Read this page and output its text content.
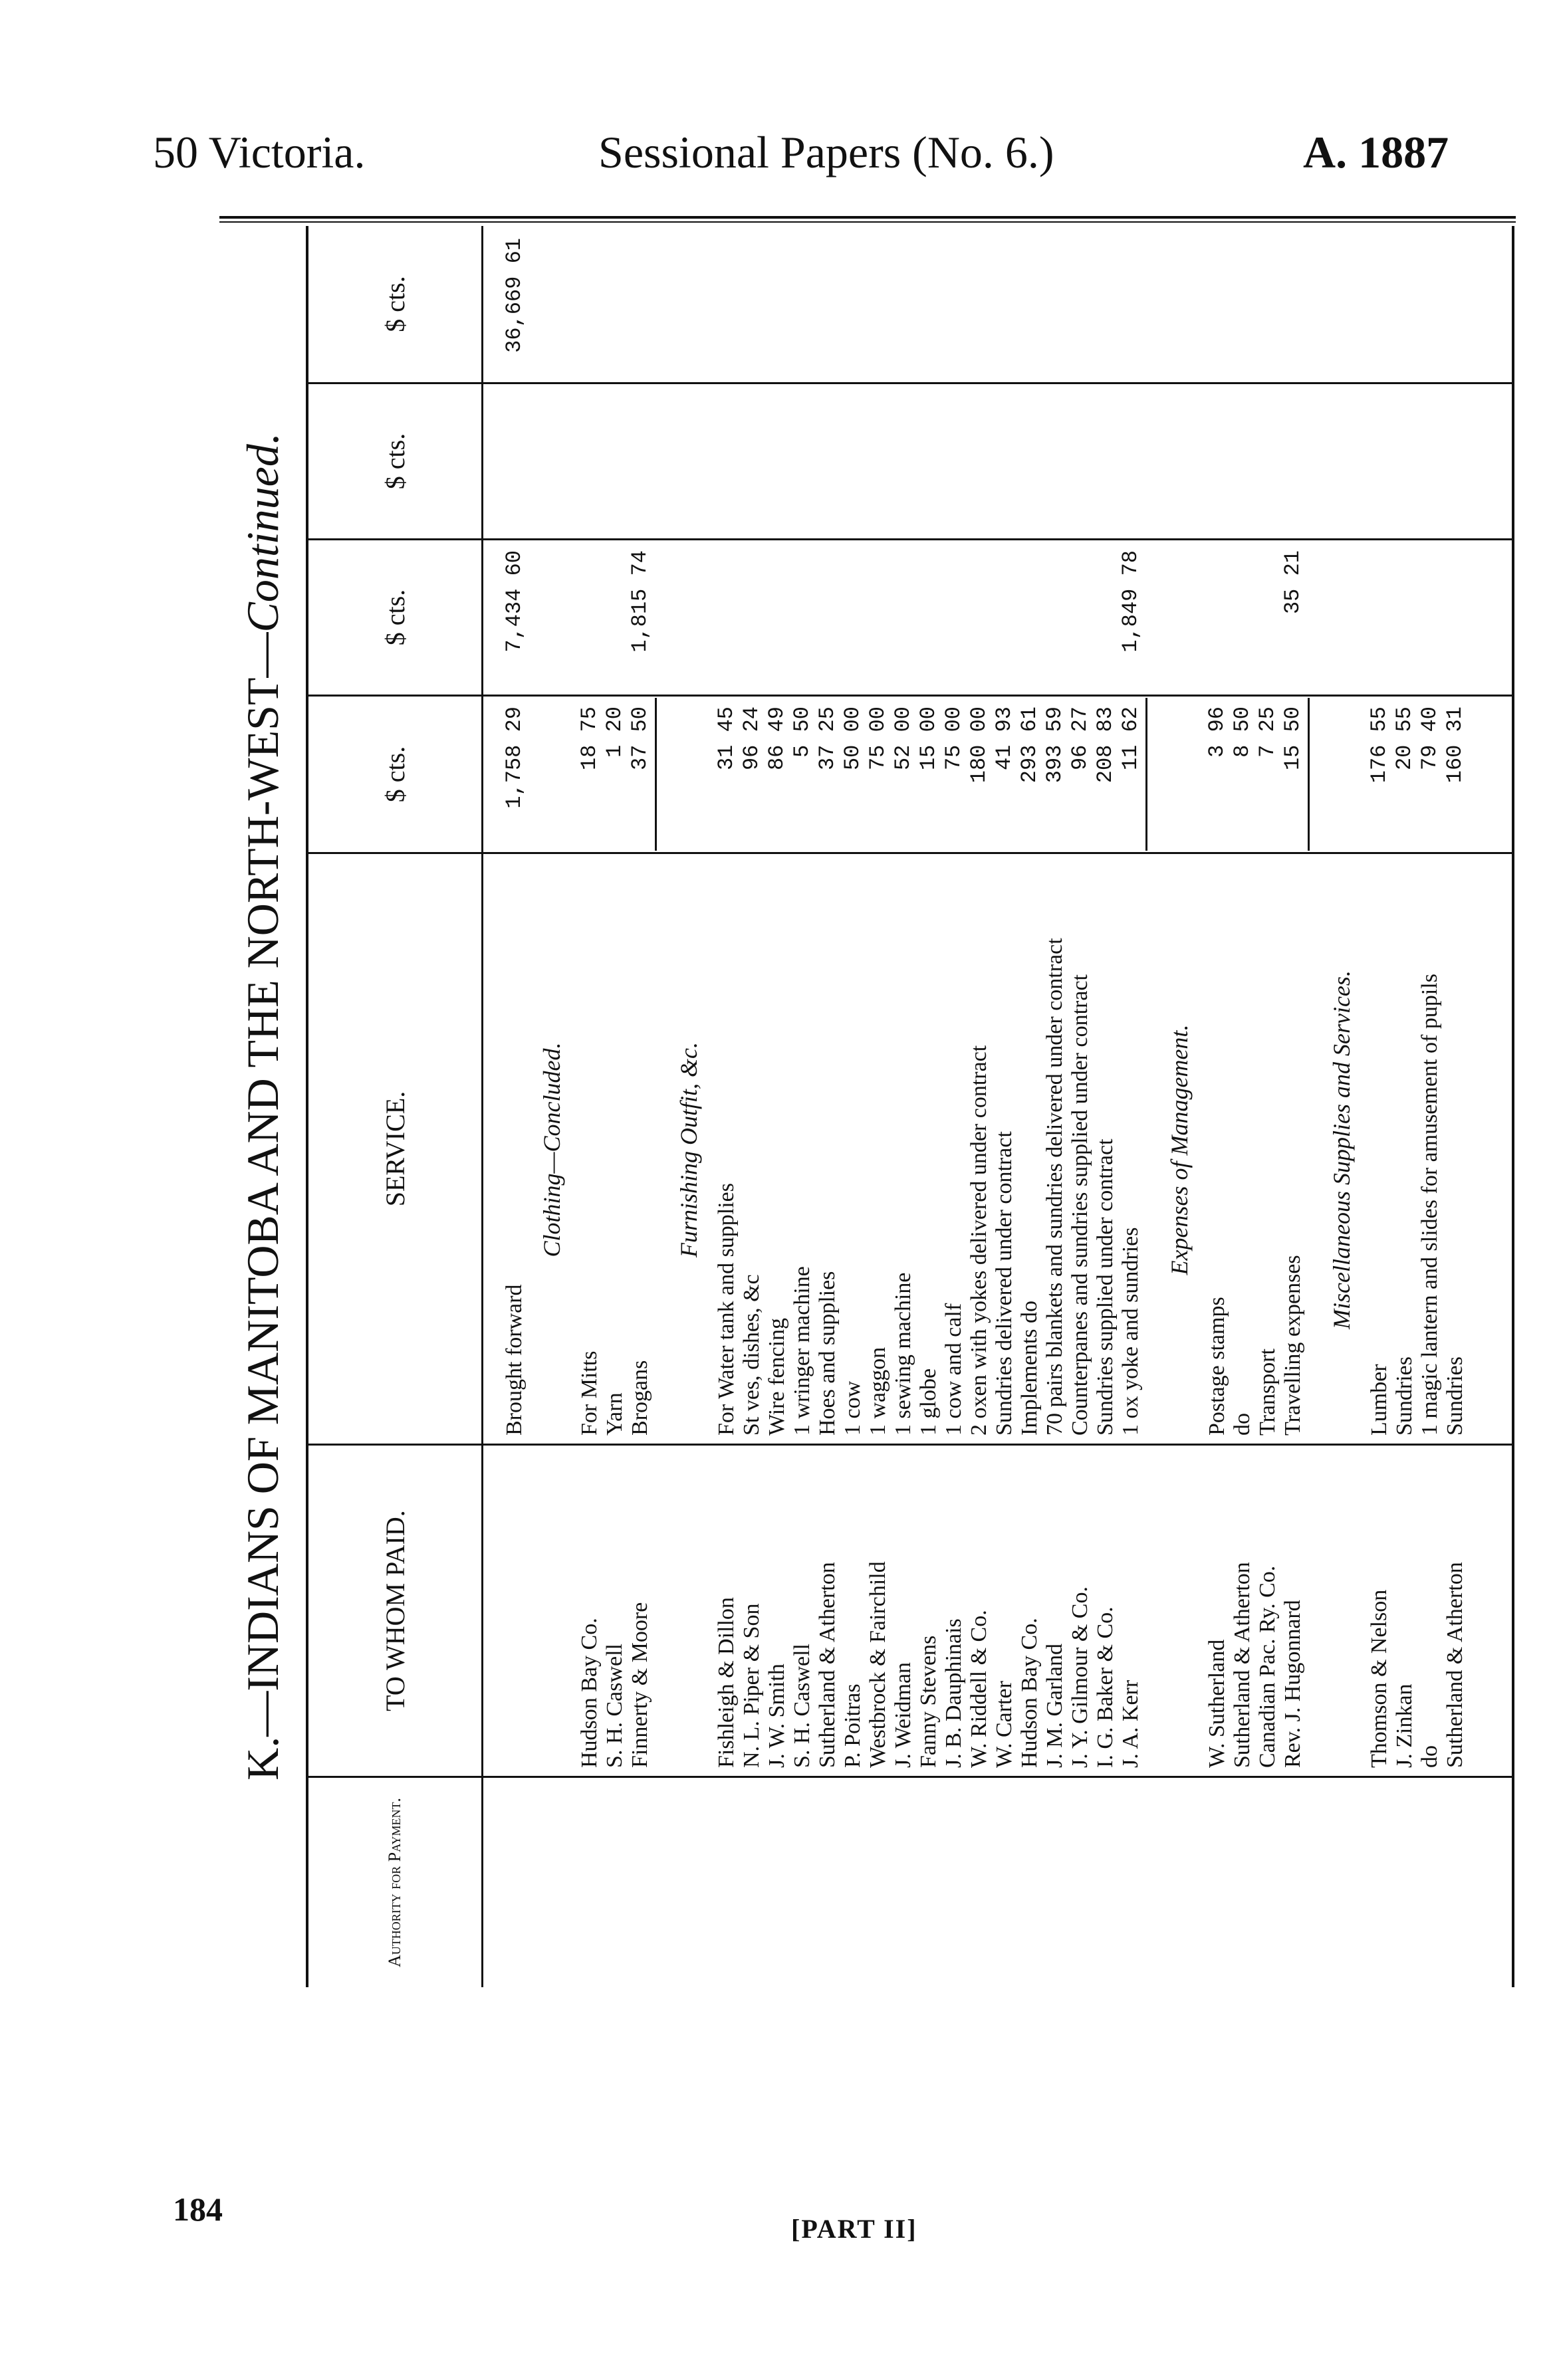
50 Victoria.	Sessional Papers (No. 6.)	A. 1887
K.—INDIANS OF MANITOBA AND THE NORTH-WEST—Continued.
Authority for Payment.
TO WHOM PAID.
SERVICE.
$ cts.
$ cts.
$ cts.
$ cts.
Brought forward
1,758 29
7,434 60
36,669 61
Clothing—Concluded.
Hudson Bay Co.
For Mitts
18 75
S. H. Caswell
Yarn
1 20
Finnerty & Moore
Brogans
37 50
1,815 74
Furnishing Outfit, &c.
Fishleigh & Dillon
For Water tank and supplies
31 45
N. L. Piper & Son
St ves, dishes, &c
96 24
J. W. Smith
Wire fencing
86 49
S. H. Caswell
1 wringer machine
5 50
Sutherland & Atherton
Hoes and supplies
37 25
P. Poitras
1 cow
50 00
Westbrock & Fairchild
1 waggon
75 00
J. Weidman
1 sewing machine
52 00
Fanny Stevens
1 globe
15 00
J. B. Dauphinais
1 cow and calf
75 00
W. Riddell & Co.
2 oxen with yokes delivered under contract
180 00
W. Carter
Sundries delivered under contract
41 93
Hudson Bay Co.
Implements do
293 61
J. M. Garland
70 pairs blankets and sundries delivered under contract
393 59
J. Y. Gilmour & Co.
Counterpanes and sundries supplied under contract
96 27
I. G. Baker & Co.
Sundries supplied under contract
208 83
J. A. Kerr
1 ox yoke and sundries
11 62
1,849 78
Expenses of Management.
W. Sutherland
Postage stamps
3 96
Sutherland & Atherton
do
8 50
Canadian Pac. Ry. Co.
Transport
7 25
Rev. J. Hugonnard
Travelling expenses
15 50
35 21
Miscellaneous Supplies and Services.
Thomson & Nelson
Lumber
176 55
J. Zinkan
Sundries
20 55
do
1 magic lantern and slides for amusement of pupils
79 40
Sutherland & Atherton
Sundries
160 31
184
[PART II]
